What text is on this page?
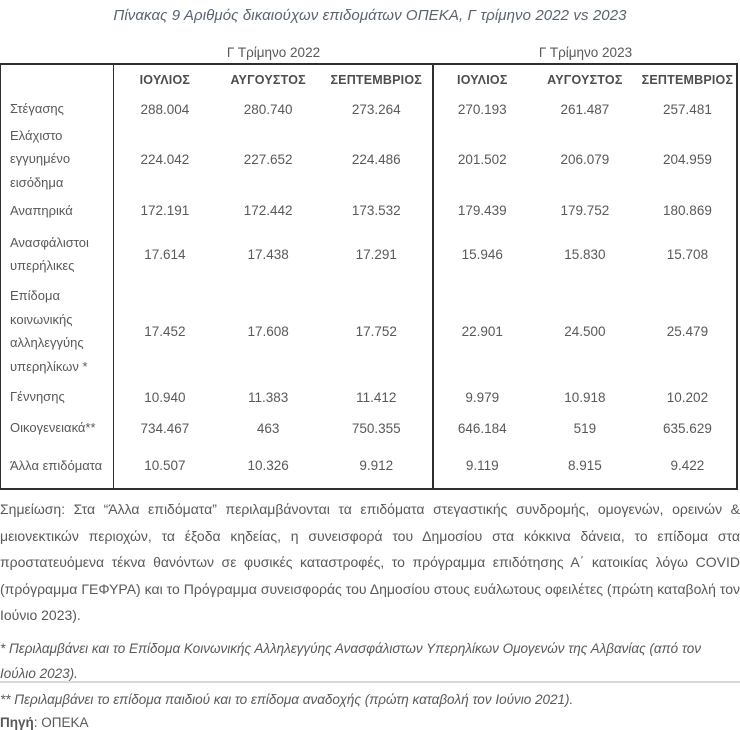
Πίνακας 9 Αριθμός δικαιούχων επιδομάτων ΟΠΕΚΑ, Γ τρίμηνο 2022 vs 2023
Γ Τρίμηνο 2022	Γ Τρίμηνο 2023
	ΙΟΥΛΙΟΣ	ΑΥΓΟΥΣΤΟΣ	ΣΕΠΤΕΜΒΡΙΟΣ	ΙΟΥΛΙΟΣ	ΑΥΓΟΥΣΤΟΣ	ΣΕΠΤΕΜΒΡΙΟΣ
Στέγασης	288.004	280.740	273.264	270.193	261.487	257.481
Ελάχιστο εγγυημένο εισόδημα	224.042	227.652	224.486	201.502	206.079	204.959
Αναπηρικά	172.191	172.442	173.532	179.439	179.752	180.869
Ανασφάλιστοι υπερήλικες	17.614	17.438	17.291	15.946	15.830	15.708
Επίδομα κοινωνικής αλληλεγγύης υπερηλίκων *	17.452	17.608	17.752	22.901	24.500	25.479
Γέννησης	10.940	11.383	11.412	9.979	10.918	10.202
Οικογενειακά**	734.467	463	750.355	646.184	519	635.629
Άλλα επιδόματα	10.507	10.326	9.912	9.119	8.915	9.422
Σημείωση: Στα “Άλλα επιδόματα” περιλαμβάνονται τα επιδόματα στεγαστικής συνδρομής, ομογενών, ορεινών & μειονεκτικών περιοχών, τα έξοδα κηδείας, η συνεισφορά του Δημοσίου στα κόκκινα δάνεια, το επίδομα στα προστατευόμενα τέκνα θανόντων σε φυσικές καταστροφές, το πρόγραμμα επιδότησης Α΄ κατοικίας λόγω COVID (πρόγραμμα ΓΕΦΥΡΑ) και το Πρόγραμμα συνεισφοράς του Δημοσίου στους ευάλωτους οφειλέτες (πρώτη καταβολή τον Ιούνιο 2023).
* Περιλαμβάνει και το Επίδομα Κοινωνικής Αλληλεγγύης Ανασφάλιστων Υπερηλίκων Ομογενών της Αλβανίας (από τον Ιούλιο 2023).
** Περιλαμβάνει το επίδομα παιδιού και το επίδομα αναδοχής (πρώτη καταβολή τον Ιούνιο 2021).
Πηγή: ΟΠΕΚΑ
